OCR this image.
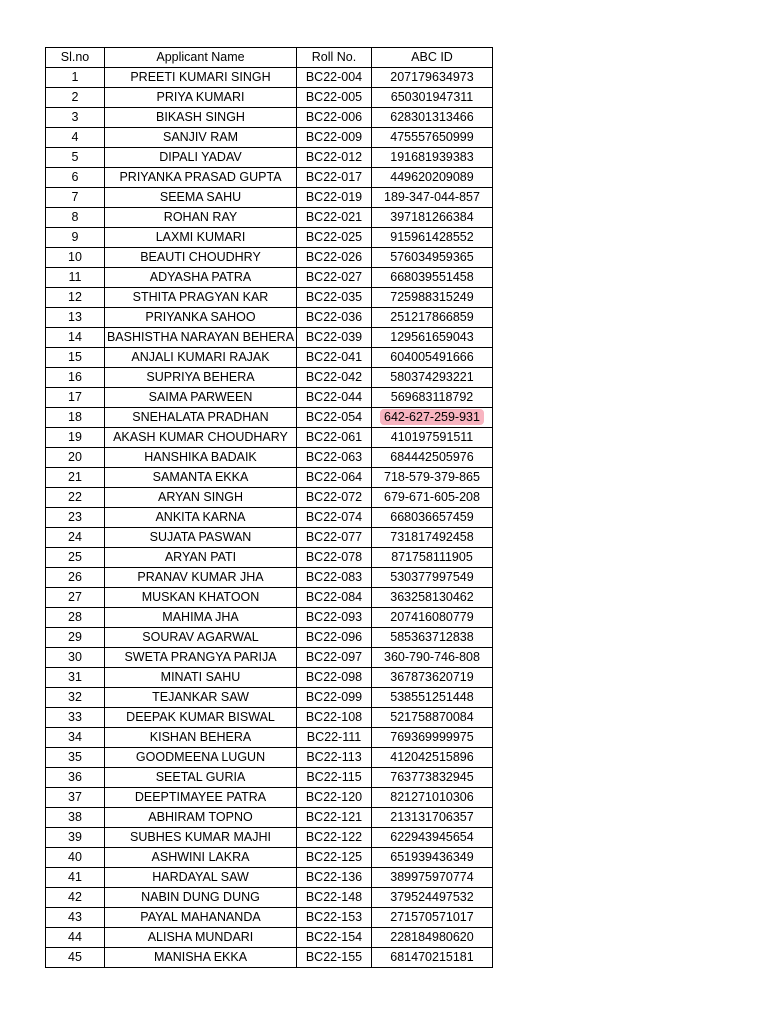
Sl.no	Applicant Name	Roll No.	ABC ID
1	PREETI KUMARI SINGH	BC22-004	207179634973
2	PRIYA KUMARI	BC22-005	650301947311
3	BIKASH SINGH	BC22-006	628301313466
4	SANJIV RAM	BC22-009	475557650999
5	DIPALI YADAV	BC22-012	191681939383
6	PRIYANKA PRASAD GUPTA	BC22-017	449620209089
7	SEEMA SAHU	BC22-019	189-347-044-857
8	ROHAN RAY	BC22-021	397181266384
9	LAXMI KUMARI	BC22-025	915961428552
10	BEAUTI CHOUDHRY	BC22-026	576034959365
11	ADYASHA PATRA	BC22-027	668039551458
12	STHITA PRAGYAN KAR	BC22-035	725988315249
13	PRIYANKA SAHOO	BC22-036	251217866859
14	BASHISTHA NARAYAN BEHERA	BC22-039	129561659043
15	ANJALI KUMARI RAJAK	BC22-041	604005491666
16	SUPRIYA BEHERA	BC22-042	580374293221
17	SAIMA PARWEEN	BC22-044	569683118792
18	SNEHALATA PRADHAN	BC22-054	642-627-259-931
19	AKASH KUMAR CHOUDHARY	BC22-061	410197591511
20	HANSHIKA BADAIK	BC22-063	684442505976
21	SAMANTA EKKA	BC22-064	718-579-379-865
22	ARYAN SINGH	BC22-072	679-671-605-208
23	ANKITA KARNA	BC22-074	668036657459
24	SUJATA PASWAN	BC22-077	731817492458
25	ARYAN PATI	BC22-078	871758111905
26	PRANAV KUMAR JHA	BC22-083	530377997549
27	MUSKAN KHATOON	BC22-084	363258130462
28	MAHIMA JHA	BC22-093	207416080779
29	SOURAV AGARWAL	BC22-096	585363712838
30	SWETA PRANGYA PARIJA	BC22-097	360-790-746-808
31	MINATI SAHU	BC22-098	367873620719
32	TEJANKAR SAW	BC22-099	538551251448
33	DEEPAK KUMAR BISWAL	BC22-108	521758870084
34	KISHAN BEHERA	BC22-111	769369999975
35	GOODMEENA LUGUN	BC22-113	412042515896
36	SEETAL GURIA	BC22-115	763773832945
37	DEEPTIMAYEE PATRA	BC22-120	821271010306
38	ABHIRAM TOPNO	BC22-121	213131706357
39	SUBHES KUMAR MAJHI	BC22-122	622943945654
40	ASHWINI LAKRA	BC22-125	651939436349
41	HARDAYAL SAW	BC22-136	389975970774
42	NABIN DUNG DUNG	BC22-148	379524497532
43	PAYAL MAHANANDA	BC22-153	271570571017
44	ALISHA MUNDARI	BC22-154	228184980620
45	MANISHA EKKA	BC22-155	681470215181
